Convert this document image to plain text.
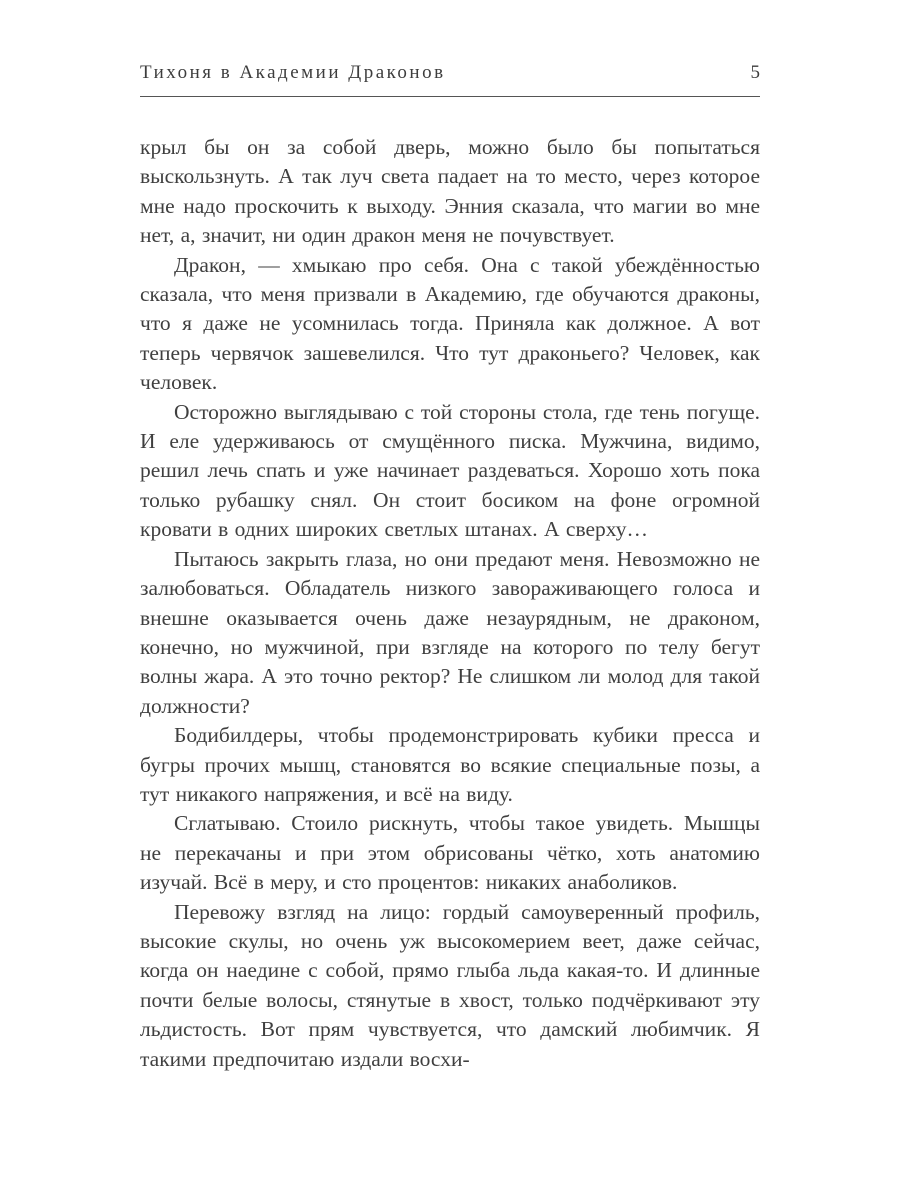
Тихоня в Академии Драконов	5

крыл бы он за собой дверь, можно было бы попытаться выскользнуть. А так луч света падает на то место, через которое мне надо проскочить к выходу. Энния сказала, что магии во мне нет, а, значит, ни один дракон меня не почувствует.

Дракон, — хмыкаю про себя. Она с такой убеждённостью сказала, что меня призвали в Академию, где обучаются драконы, что я даже не усомнилась тогда. Приняла как должное. А вот теперь червячок зашевелился. Что тут драконьего? Человек, как человек.

Осторожно выглядываю с той стороны стола, где тень погуще. И еле удерживаюсь от смущённого писка. Мужчина, видимо, решил лечь спать и уже начинает раздеваться. Хорошо хоть пока только рубашку снял. Он стоит босиком на фоне огромной кровати в одних широких светлых штанах. А сверху…

Пытаюсь закрыть глаза, но они предают меня. Невозможно не залюбоваться. Обладатель низкого завораживающего голоса и внешне оказывается очень даже незаурядным, не драконом, конечно, но мужчиной, при взгляде на которого по телу бегут волны жара. А это точно ректор? Не слишком ли молод для такой должности?

Бодибилдеры, чтобы продемонстрировать кубики пресса и бугры прочих мышц, становятся во всякие специальные позы, а тут никакого напряжения, и всё на виду.

Сглатываю. Стоило рискнуть, чтобы такое увидеть. Мышцы не перекачаны и при этом обрисованы чётко, хоть анатомию изучай. Всё в меру, и сто процентов: никаких анаболиков.

Перевожу взгляд на лицо: гордый самоуверенный профиль, высокие скулы, но очень уж высокомерием веет, даже сейчас, когда он наедине с собой, прямо глыба льда какая-то. И длинные почти белые волосы, стянутые в хвост, только подчёркивают эту льдистость. Вот прям чувствуется, что дамский любимчик. Я такими предпочитаю издали восхи-
